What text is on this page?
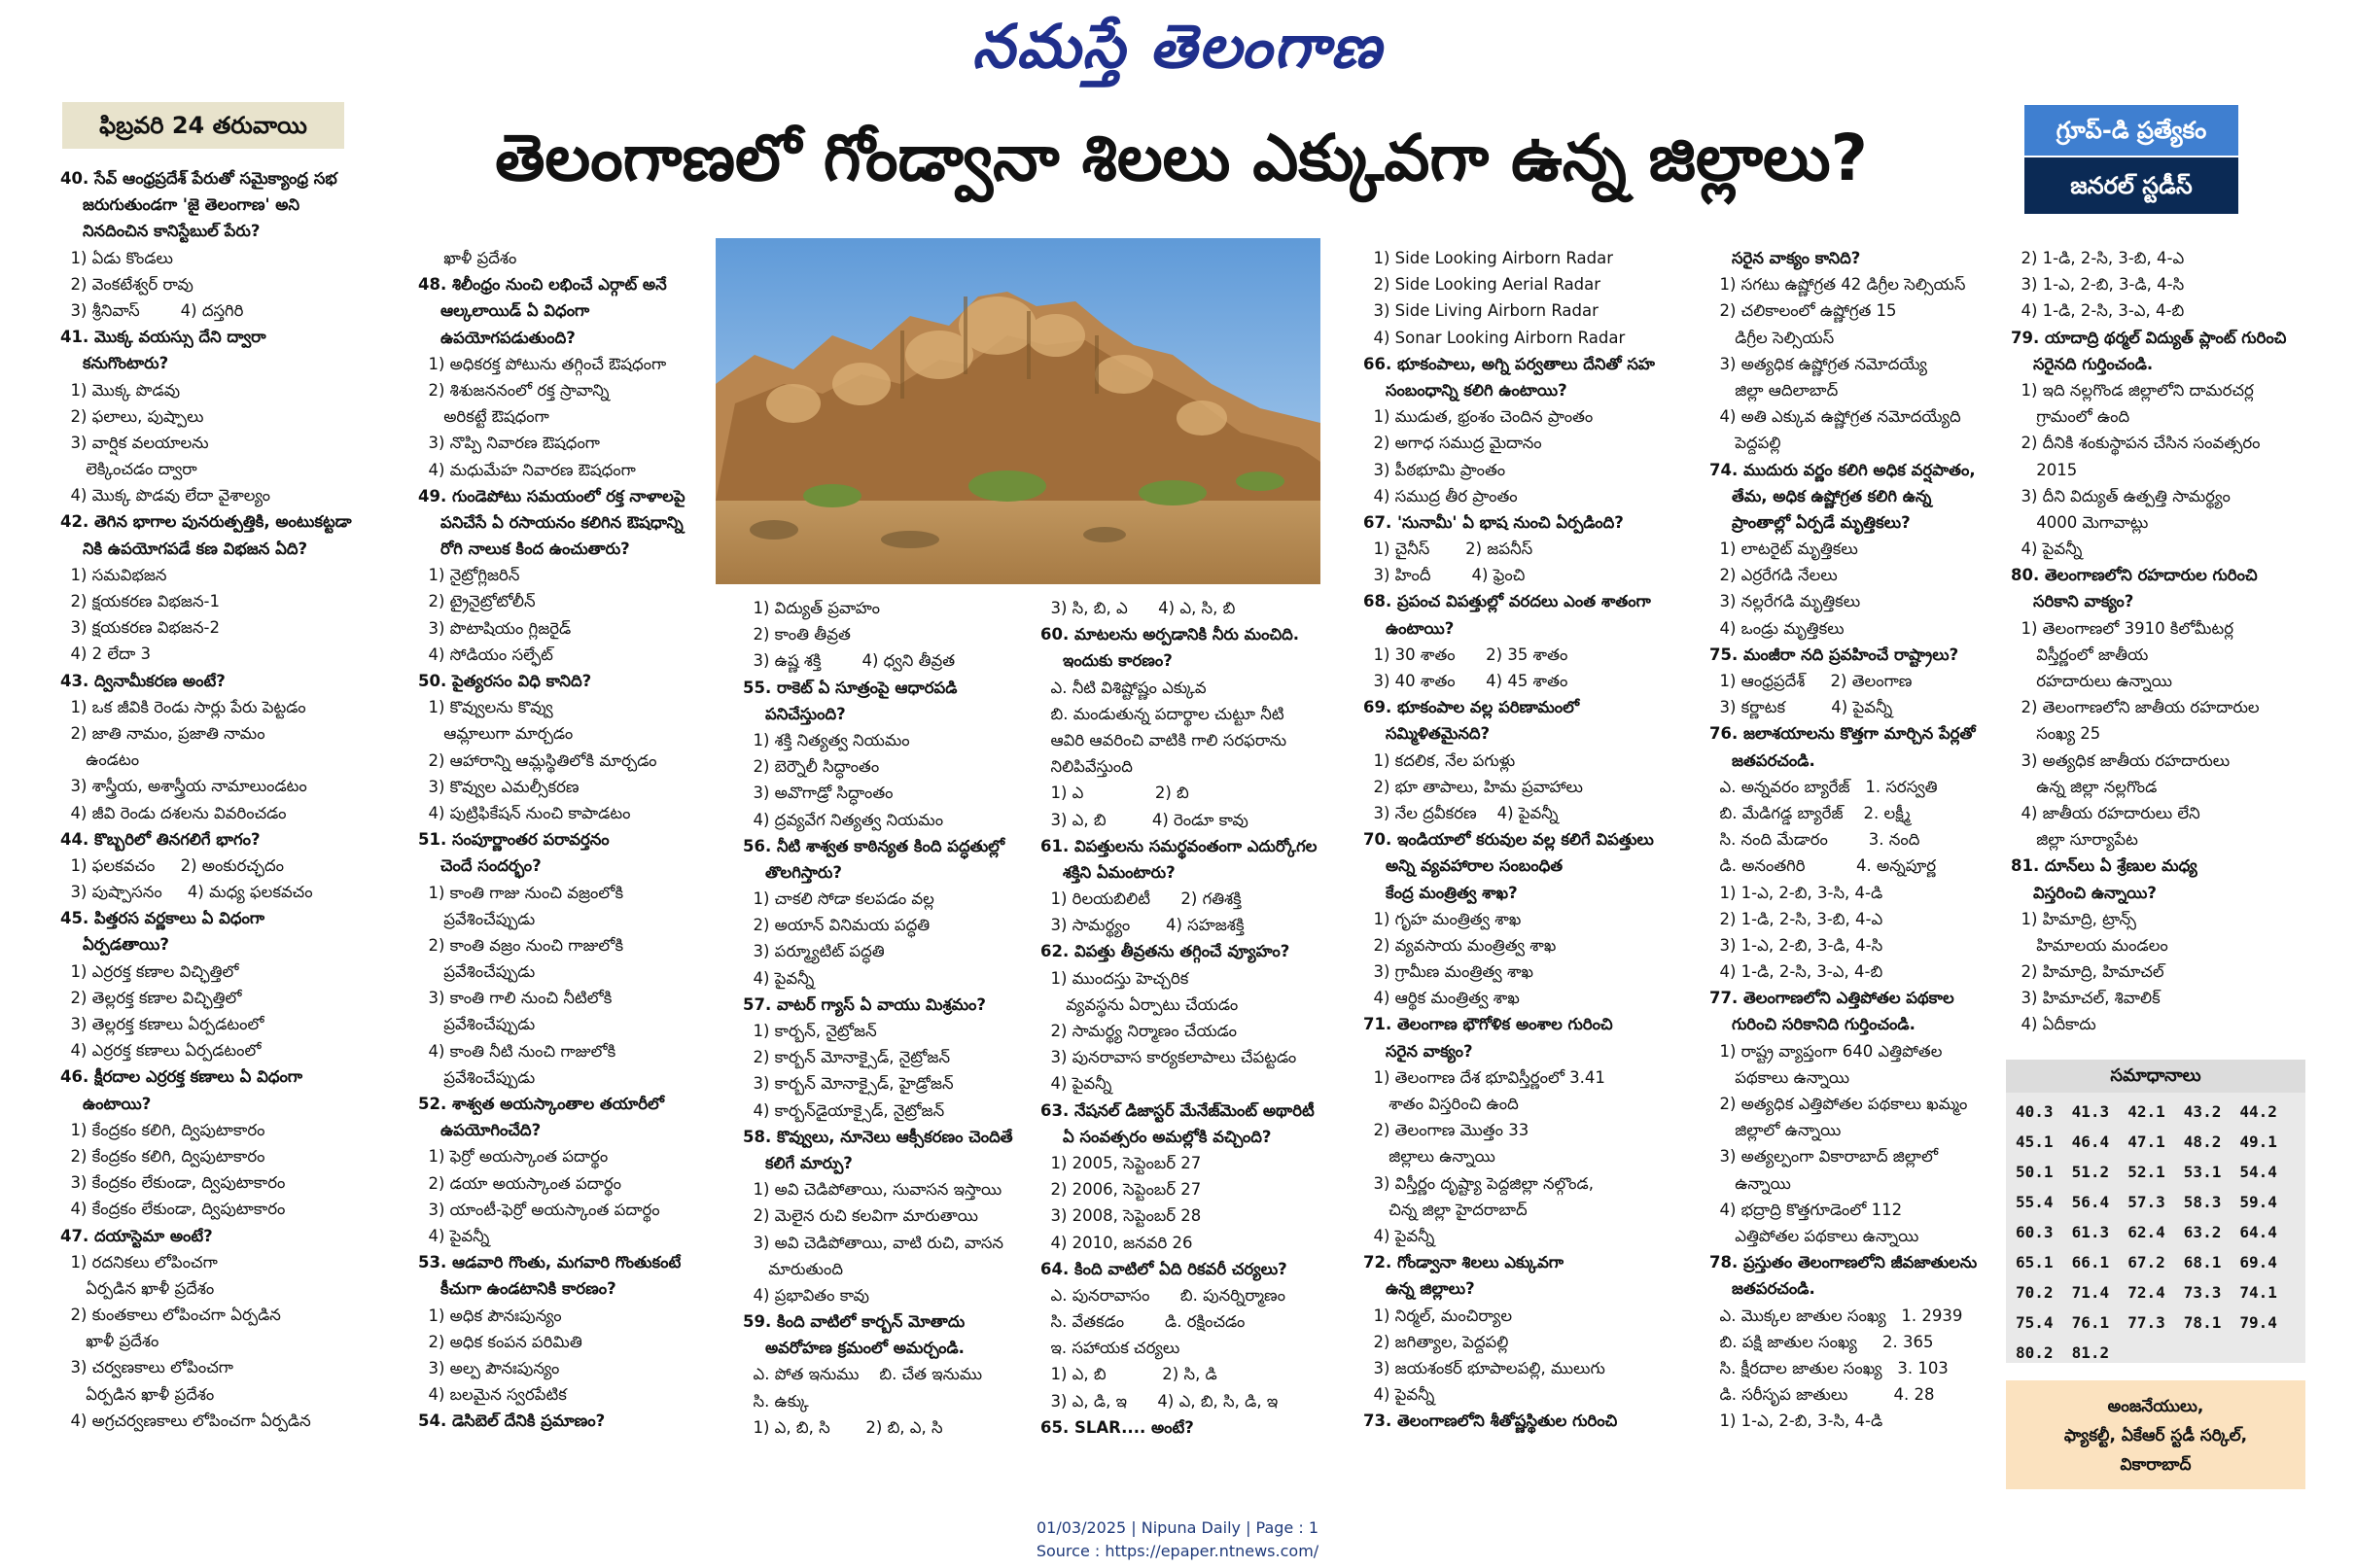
నమస్తే తెలంగాణ
ఫిబ్రవరి 24 తరువాయి	తెలంగాణలో గోండ్వానా శిలలు ఎక్కువగా ఉన్న జిల్లాలు?	గ్రూప్-డి ప్రత్యేకం
జనరల్ స్టడీస్
40. సేవ్ ఆంధ్రప్రదేశ్ పేరుతో సమైక్యాంధ్ర సభ
జరుగుతుండగా 'జై తెలంగాణ' అని
నినదించిన కానిస్టేబుల్ పేరు?
1) ఏడు కొండలు
2) వెంకటేశ్వర్ రావు
3) శ్రీనివాస్        4) దస్తగిరి
41. మొక్క వయస్సు దేని ద్వారా
కనుగొంటారు?
1) మొక్క పొడవు
2) ఫలాలు, పుష్పాలు
3) వార్షిక వలయాలను
లెక్కించడం ద్వారా
4) మొక్క పొడవు లేదా వైశాల్యం
42. తెగిన భాగాల పునరుత్పత్తికి, అంటుకట్టడా
నికి ఉపయోగపడే కణ విభజన ఏది?
1) సమవిభజన
2) క్షయకరణ విభజన-1
3) క్షయకరణ విభజన-2
4) 2 లేదా 3
43. ద్వినామీకరణ అంటే?
1) ఒక జీవికి రెండు సార్లు పేరు పెట్టడం
2) జాతి నామం, ప్రజాతి నామం
ఉండటం
3) శాస్త్రీయ, అశాస్త్రీయ నామాలుండటం
4) జీవి రెండు దశలను వివరించడం
44. కొబ్బరిలో తినగలిగే భాగం?
1) ఫలకవచం     2) అంకురచ్ఛదం
3) పుష్పాసనం     4) మధ్య ఫలకవచం
45. పిత్తరస వర్ణకాలు ఏ విధంగా
ఏర్పడతాయి?
1) ఎర్రరక్త కణాల విచ్ఛిత్తిలో
2) తెల్లరక్త కణాల విచ్ఛిత్తిలో
3) తెల్లరక్త కణాలు ఏర్పడటంలో
4) ఎర్రరక్త కణాలు ఏర్పడటంలో
46. క్షీరదాల ఎర్రరక్త కణాలు ఏ విధంగా
ఉంటాయి?
1) కేంద్రకం కలిగి, ద్విపుటాకారం
2) కేంద్రకం కలిగి, ద్విపుటాకారం
3) కేంద్రకం లేకుండా, ద్విపుటాకారం
4) కేంద్రకం లేకుండా, ద్విపుటాకారం
47. దయాస్టెమా అంటే?
1) రదనికలు లోపించగా
ఏర్పడిన ఖాళీ ప్రదేశం
2) కుంతకాలు లోపించగా ఏర్పడిన
ఖాళీ ప్రదేశం
3) చర్వణకాలు లోపించగా
ఏర్పడిన ఖాళీ ప్రదేశం
4) అగ్రచర్వణకాలు లోపించగా ఏర్పడిన
ఖాళీ ప్రదేశం
48. శిలీంధ్రం నుంచి లభించే ఎర్గాట్ అనే
ఆల్కలాయిడ్ ఏ విధంగా
ఉపయోగపడుతుంది?
1) అధికరక్త పోటును తగ్గించే ఔషధంగా
2) శిశుజననంలో రక్త స్రావాన్ని
అరికట్టే ఔషధంగా
3) నొప్పి నివారణ ఔషధంగా
4) మధుమేహ నివారణ ఔషధంగా
49. గుండెపోటు సమయంలో రక్త నాళాలపై
పనిచేసే ఏ రసాయనం కలిగిన ఔషధాన్ని
రోగి నాలుక కింద ఉంచుతారు?
1) నైట్రోగ్లిజరిన్
2) ట్రైనైట్రోటోలీన్
3) పొటాషియం గ్లిజరైడ్
4) సోడియం సల్ఫేట్
50. పైత్యరసం విధి కానిది?
1) కొవ్వులను కొవ్వు
ఆమ్లాలుగా మార్చడం
2) ఆహారాన్ని ఆమ్లస్థితిలోకి మార్చడం
3) కొవ్వుల ఎమల్సీకరణ
4) పుట్రిఫికేషన్ నుంచి కాపాడటం
51. సంపూర్ణాంతర పరావర్తనం
చెందే సందర్భం?
1) కాంతి గాజు నుంచి వజ్రంలోకి
ప్రవేశించేప్పుడు
2) కాంతి వజ్రం నుంచి గాజులోకి
ప్రవేశించేప్పుడు
3) కాంతి గాలి నుంచి నీటిలోకి
ప్రవేశించేప్పుడు
4) కాంతి నీటి నుంచి గాజులోకి
ప్రవేశించేప్పుడు
52. శాశ్వత అయస్కాంతాల తయారీలో
ఉపయోగించేది?
1) ఫెర్రో అయస్కాంత పదార్థం
2) డయా అయస్కాంత పదార్థం
3) యాంటీ-ఫెర్రో అయస్కాంత పదార్థం
4) పైవన్నీ
53. ఆడవారి గొంతు, మగవారి గొంతుకంటే
కీచుగా ఉండటానికి కారణం?
1) అధిక పౌనఃపున్యం
2) అధిక కంపన పరిమితి
3) అల్ప పౌనఃపున్యం
4) బలమైన స్వరపేటిక
54. డెసిబెల్ దేనికి ప్రమాణం?
1) విద్యుత్ ప్రవాహం
2) కాంతి తీవ్రత
3) ఉష్ణ శక్తి        4) ధ్వని తీవ్రత
55. రాకెట్ ఏ సూత్రంపై ఆధారపడి
పనిచేస్తుంది?
1) శక్తి నిత్యత్వ నియమం
2) బెర్నౌలీ సిద్ధాంతం
3) అవొగాడ్రో సిద్ధాంతం
4) ద్రవ్యవేగ నిత్యత్వ నియమం
56. నీటి శాశ్వత కాఠిన్యత కింది పద్ధతుల్లో
తొలగిస్తారు?
1) చాకలి సోడా కలపడం వల్ల
2) అయాన్ వినిమయ పద్ధతి
3) పర్మ్యూటిట్ పద్ధతి
4) పైవన్నీ
57. వాటర్ గ్యాస్ ఏ వాయు మిశ్రమం?
1) కార్బన్, నైట్రోజన్
2) కార్బన్ మోనాక్సైడ్, నైట్రోజన్
3) కార్బన్ మోనాక్సైడ్, హైడ్రోజన్
4) కార్బన్‌డైయాక్సైడ్, నైట్రోజన్
58. కొవ్వులు, నూనెలు ఆక్సీకరణం చెందితే
కలిగే మార్పు?
1) అవి చెడిపోతాయి, సువాసన ఇస్తాయి
2) మెలైన రుచి కలవిగా మారుతాయి
3) అవి చెడిపోతాయి, వాటి రుచి, వాసన
మారుతుంది
4) ప్రభావితం కావు
59. కింది వాటిలో కార్బన్ మోతాదు
అవరోహణ క్రమంలో అమర్చండి.
ఎ. పోత ఇనుము    బి. చేత ఇనుము
సి. ఉక్కు
1) ఎ, బి, సి       2) బి, ఎ, సి
3) సి, బి, ఎ      4) ఎ, సి, బి
60. మాటలను అర్పడానికి నీరు మంచిది.
ఇందుకు కారణం?
ఎ. నీటి విశిష్టోష్ణం ఎక్కువ
బి. మండుతున్న పదార్థాల చుట్టూ నీటి
ఆవిరి ఆవరించి వాటికి గాలి సరఫరాను
నిలిపివేస్తుంది
1) ఎ              2) బి
3) ఎ, బి         4) రెండూ కావు
61. విపత్తులను సమర్థవంతంగా ఎదుర్కోగల
శక్తిని ఏమంటారు?
1) రిలయబిలిటీ      2) గతిశక్తి
3) సామర్థ్యం       4) సహజశక్తి
62. విపత్తు తీవ్రతను తగ్గించే వ్యూహం?
1) ముందస్తు హెచ్చరిక
వ్యవస్థను ఏర్పాటు చేయడం
2) సామర్థ్య నిర్మాణం చేయడం
3) పునరావాస కార్యకలాపాలు చేపట్టడం
4) పైవన్నీ
63. నేషనల్ డిజాస్టర్ మేనేజ్‌మెంట్ అథారిటీ
ఏ సంవత్సరం అమల్లోకి వచ్చింది?
1) 2005, సెప్టెంబర్ 27
2) 2006, సెప్టెంబర్ 27
3) 2008, సెప్టెంబర్ 28
4) 2010, జనవరి 26
64. కింది వాటిలో ఏది రికవరీ చర్యలు?
ఎ. పునరావాసం      బి. పునర్నిర్మాణం
సి. వేతకడం        డి. రక్షించడం
ఇ. సహాయక చర్యలు
1) ఎ, బి           2) సి, డి
3) ఎ, డి, ఇ      4) ఎ, బి, సి, డి, ఇ
65. SLAR.... అంటే?
1) Side Looking Airborn Radar
2) Side Looking Aerial Radar
3) Side Living Airborn Radar
4) Sonar Looking Airborn Radar
66. భూకంపాలు, అగ్ని పర్వతాలు దేనితో సహ
సంబంధాన్ని కలిగి ఉంటాయి?
1) ముడుత, భ్రంశం చెందిన ప్రాంతం
2) అగాధ సముద్ర మైదానం
3) పీఠభూమి ప్రాంతం
4) సముద్ర తీర ప్రాంతం
67. 'సునామీ' ఏ భాష నుంచి ఏర్పడింది?
1) చైనీస్       2) జపనీస్
3) హిందీ        4) ఫ్రెంచి
68. ప్రపంచ విపత్తుల్లో వరదలు ఎంత శాతంగా
ఉంటాయి?
1) 30 శాతం      2) 35 శాతం
3) 40 శాతం      4) 45 శాతం
69. భూకంపాల వల్ల పరిణామంలో
సమ్మిళితమైనది?
1) కదలిక, నేల పగుళ్లు
2) భూ తాపాలు, హిమ ప్రవాహాలు
3) నేల ద్రవీకరణ    4) పైవన్నీ
70. ఇండియాలో కరువుల వల్ల కలిగే విపత్తులు
అన్ని వ్యవహారాల సంబంధిత
కేంద్ర మంత్రిత్వ శాఖ?
1) గృహ మంత్రిత్వ శాఖ
2) వ్యవసాయ మంత్రిత్వ శాఖ
3) గ్రామీణ మంత్రిత్వ శాఖ
4) ఆర్థిక మంత్రిత్వ శాఖ
71. తెలంగాణ భౌగోళిక అంశాల గురించి
సరైన వాక్యం?
1) తెలంగాణ దేశ భూవిస్తీర్ణంలో 3.41
శాతం విస్తరించి ఉంది
2) తెలంగాణ మొత్తం 33
జిల్లాలు ఉన్నాయి
3) విస్తీర్ణం దృష్ట్యా పెద్దజిల్లా నల్గొండ,
చిన్న జిల్లా హైదరాబాద్
4) పైవన్నీ
72. గోండ్వానా శిలలు ఎక్కువగా
ఉన్న జిల్లాలు?
1) నిర్మల్, మంచిర్యాల
2) జగిత్యాల, పెద్దపల్లి
3) జయశంకర్ భూపాలపల్లి, ములుగు
4) పైవన్నీ
73. తెలంగాణలోని శీతోష్ణస్థితుల గురించి
సరైన వాక్యం కానిది?
1) సగటు ఉష్ణోగ్రత 42 డిగ్రీల సెల్సియస్
2) చలికాలంలో ఉష్ణోగ్రత 15
డిగ్రీల సెల్సియస్
3) అత్యధిక ఉష్ణోగ్రత నమోదయ్యే
జిల్లా ఆదిలాబాద్
4) అతి ఎక్కువ ఉష్ణోగ్రత నమోదయ్యేది
పెద్దపల్లి
74. ముదురు వర్ణం కలిగి అధిక వర్షపాతం,
తేమ, అధిక ఉష్ణోగ్రత కలిగి ఉన్న
ప్రాంతాల్లో ఏర్పడే మృత్తికలు?
1) లాటరైట్ మృత్తికలు
2) ఎర్రరేగడి నేలలు
3) నల్లరేగడి మృత్తికలు
4) ఒండ్రు మృత్తికలు
75. మంజీరా నది ప్రవహించే రాష్ట్రాలు?
1) ఆంధ్రప్రదేశ్     2) తెలంగాణ
3) కర్ణాటక         4) పైవన్నీ
76. జలాశయాలను కొత్తగా మార్చిన పేర్లతో
జతపరచండి.
ఎ. అన్నవరం బ్యారేజ్   1. సరస్వతి
బి. మేడిగడ్డ బ్యారేజ్    2. లక్ష్మీ
సి. నంది మేడారం        3. నంది
డి. అనంతగిరి          4. అన్నపూర్ణ
1) 1-ఎ, 2-బి, 3-సి, 4-డి
2) 1-డి, 2-సి, 3-బి, 4-ఎ
3) 1-ఎ, 2-బి, 3-డి, 4-సి
4) 1-డి, 2-సి, 3-ఎ, 4-బి
77. తెలంగాణలోని ఎత్తిపోతల పథకాల
గురించి సరికానిది గుర్తించండి.
1) రాష్ట్ర వ్యాప్తంగా 640 ఎత్తిపోతల
పథకాలు ఉన్నాయి
2) అత్యధిక ఎత్తిపోతల పథకాలు ఖమ్మం
జిల్లాలో ఉన్నాయి
3) అత్యల్పంగా వికారాబాద్ జిల్లాలో
ఉన్నాయి
4) భద్రాద్రి కొత్తగూడెంలో 112
ఎత్తిపోతల పథకాలు ఉన్నాయి
78. ప్రస్తుతం తెలంగాణలోని జీవజాతులను
జతపరచండి.
ఎ. మొక్కల జాతుల సంఖ్య   1. 2939
బి. పక్షి జాతుల సంఖ్య     2. 365
సి. క్షీరదాల జాతుల సంఖ్య   3. 103
డి. సరీసృప జాతులు         4. 28
1) 1-ఎ, 2-బి, 3-సి, 4-డి
2) 1-డి, 2-సి, 3-బి, 4-ఎ
3) 1-ఎ, 2-బి, 3-డి, 4-సి
4) 1-డి, 2-సి, 3-ఎ, 4-బి
79. యాదాద్రి థర్మల్ విద్యుత్ ప్లాంట్ గురించి
సరైనది గుర్తించండి.
1) ఇది నల్లగొండ జిల్లాలోని దామరచర్ల
గ్రామంలో ఉంది
2) దీనికి శంకుస్థాపన చేసిన సంవత్సరం
2015
3) దీని విద్యుత్ ఉత్పత్తి సామర్థ్యం
4000 మెగావాట్లు
4) పైవన్నీ
80. తెలంగాణలోని రహదారుల గురించి
సరికాని వాక్యం?
1) తెలంగాణలో 3910 కిలోమీటర్ల
విస్తీర్ణంలో జాతీయ
రహదారులు ఉన్నాయి
2) తెలంగాణలోని జాతీయ రహదారుల
సంఖ్య 25
3) అత్యధిక జాతీయ రహదారులు
ఉన్న జిల్లా నల్లగొండ
4) జాతీయ రహదారులు లేని
జిల్లా సూర్యాపేట
81. దూన్‌లు ఏ శ్రేణుల మధ్య
విస్తరించి ఉన్నాయి?
1) హిమాద్రి, ట్రాన్స్
హిమాలయ మండలం
2) హిమాద్రి, హిమాచల్
3) హిమాచల్, శివాలిక్
4) ఏదీకాదు
సమాధానాలు
40.3	41.3	42.1	43.2	44.2
45.1	46.4	47.1	48.2	49.1
50.1	51.2	52.1	53.1	54.4
55.4	56.4	57.3	58.3	59.4
60.3	61.3	62.4	63.2	64.4
65.1	66.1	67.2	68.1	69.4
70.2	71.4	72.4	73.3	74.1
75.4	76.1	77.3	78.1	79.4
80.2	81.2
అంజనేయులు,
ఫ్యాకల్టీ, ఏకేఆర్ స్టడీ సర్కిల్,
వికారాబాద్
01/03/2025 | Nipuna Daily | Page : 1
Source : https://epaper.ntnews.com/
